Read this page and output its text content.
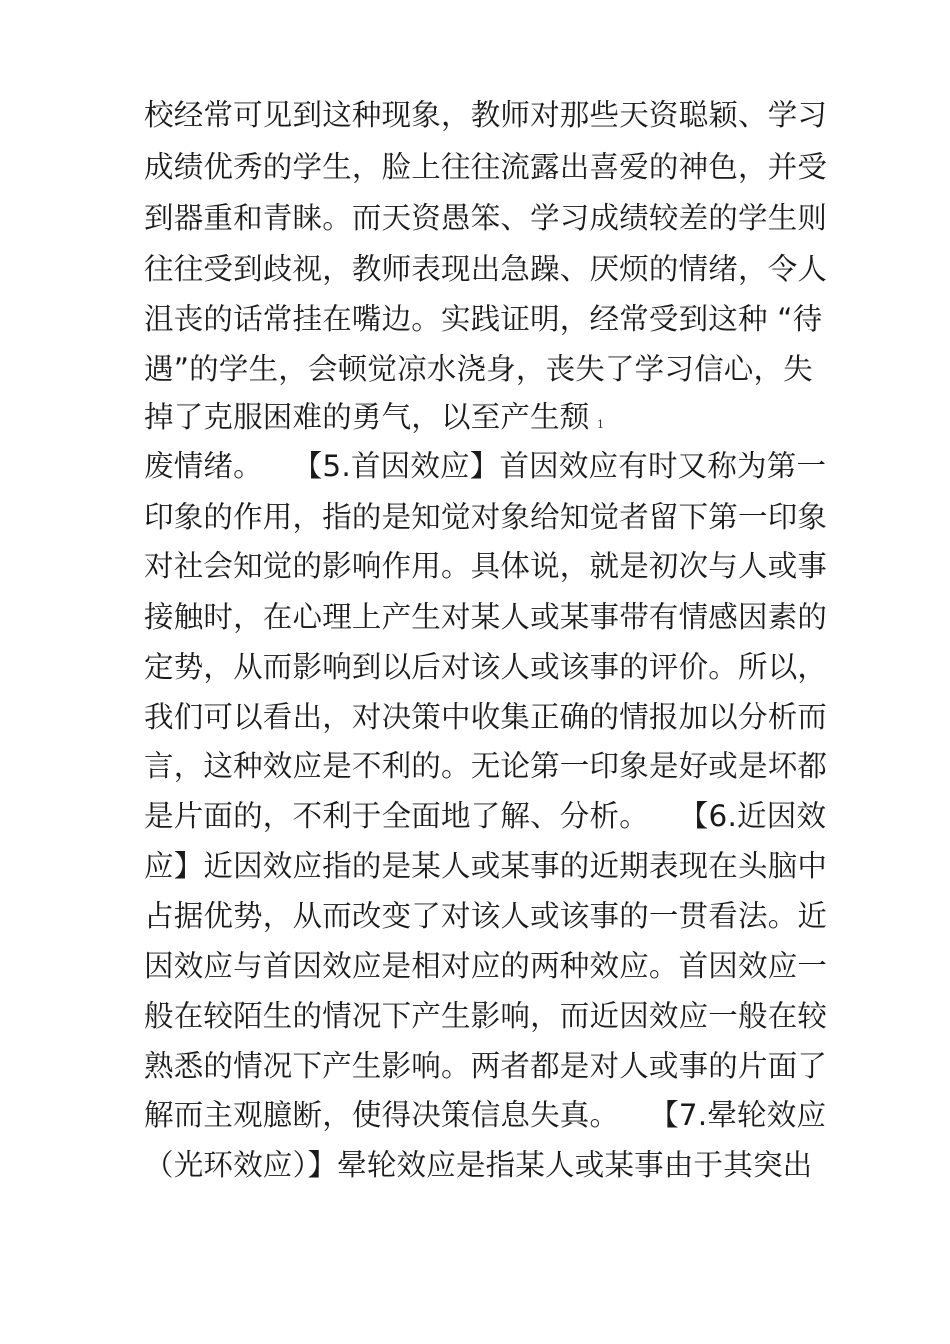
校经常可见到这种现象，教师对那些天资聪颖、学习
成绩优秀的学生，脸上往往流露出喜爱的神色，并受
到器重和青睐。而天资愚笨、学习成绩较差的学生则
往往受到歧视，教师表现出急躁、厌烦的情绪，令人
沮丧的话常挂在嘴边。实践证明，经常受到这种 “待
遇”的学生，会顿觉凉水浇身，丧失了学习信心，失
掉了克服困难的勇气，以至产生颓 1
废情绪。　　【5.首因效应】首因效应有时又称为第一
印象的作用，指的是知觉对象给知觉者留下第一印象
对社会知觉的影响作用。具体说，就是初次与人或事
接触时，在心理上产生对某人或某事带有情感因素的
定势，从而影响到以后对该人或该事的评价。所以，
我们可以看出，对决策中收集正确的情报加以分析而
言，这种效应是不利的。无论第一印象是好或是坏都
是片面的，不利于全面地了解、分析。　　【6.近因效
应】近因效应指的是某人或某事的近期表现在头脑中
占据优势，从而改变了对该人或该事的一贯看法。近
因效应与首因效应是相对应的两种效应。首因效应一
般在较陌生的情况下产生影响，而近因效应一般在较
熟悉的情况下产生影响。两者都是对人或事的片面了
解而主观臆断，使得决策信息失真。　　【7.晕轮效应
（光环效应）】晕轮效应是指某人或某事由于其突出
